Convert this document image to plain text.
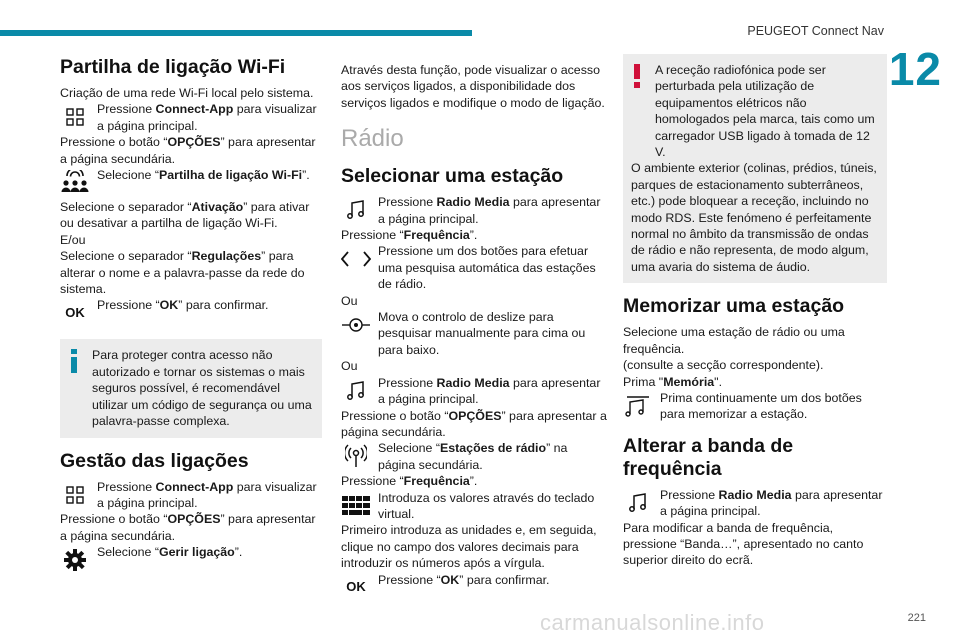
PEUGEOT Connect Nav
12
Partilha de ligação Wi-Fi

Criação de uma rede Wi-Fi local pelo sistema.

Pressione Connect-App para visualizar a página principal.

Pressione o botão “OPÇÕES” para apresentar a página secundária.

Selecione “Partilha de ligação Wi-Fi”.

Selecione o separador “Ativação” para ativar ou desativar a partilha de ligação Wi-Fi.

E/ou

Selecione o separador “Regulações” para alterar o nome e a palavra-passe da rede do sistema.

OK Pressione “OK” para confirmar.

Para proteger contra acesso não autorizado e tornar os sistemas o mais seguros possível, é recomendável utilizar um código de segurança ou uma palavra-passe complexa.

Gestão das ligações
Pressione Connect-App para visualizar a página principal.

Pressione o botão “OPÇÕES” para apresentar a página secundária.

Selecione “Gerir ligação”.

Através desta função, pode visualizar o acesso aos serviços ligados, a disponibilidade dos serviços ligados e modifique o modo de ligação.

Rádio
Selecionar uma estação
Pressione Radio Media para apresentar a página principal.

Pressione “Frequência”.

Pressione um dos botões para efetuar uma pesquisa automática das estações de rádio.

Ou

Mova o controlo de deslize para pesquisar manualmente para cima ou para baixo.

Ou

Pressione Radio Media para apresentar a página principal.

Pressione o botão “OPÇÕES” para apresentar a página secundária.

Selecione “Estações de rádio” na página secundária.

Pressione “Frequência”.

Introduza os valores através do teclado virtual.

Primeiro introduza as unidades e, em seguida, clique no campo dos valores decimais para introduzir os números após a vírgula.

OK Pressione “OK” para confirmar.

A receção radiofónica pode ser perturbada pela utilização de equipamentos elétricos não homologados pela marca, tais como um carregador USB ligado à tomada de 12 V.

O ambiente exterior (colinas, prédios, túneis, parques de estacionamento subterrâneos, etc.) pode bloquear a receção, incluindo no modo RDS. Este fenómeno é perfeitamente normal no âmbito da transmissão de ondas de rádio e não representa, de modo algum, uma avaria do sistema de áudio.

Memorizar uma estação

Selecione uma estação de rádio ou uma frequência.

(consulte a secção correspondente).

Prima "Memória".

Prima continuamente um dos botões para memorizar a estação.
Alterar a banda de
frequência
Pressione Radio Media para apresentar a página principal.

Para modificar a banda de frequência, pressione “Banda…”, apresentado no canto superior direito do ecrã.

carmanualsonline.info	221
